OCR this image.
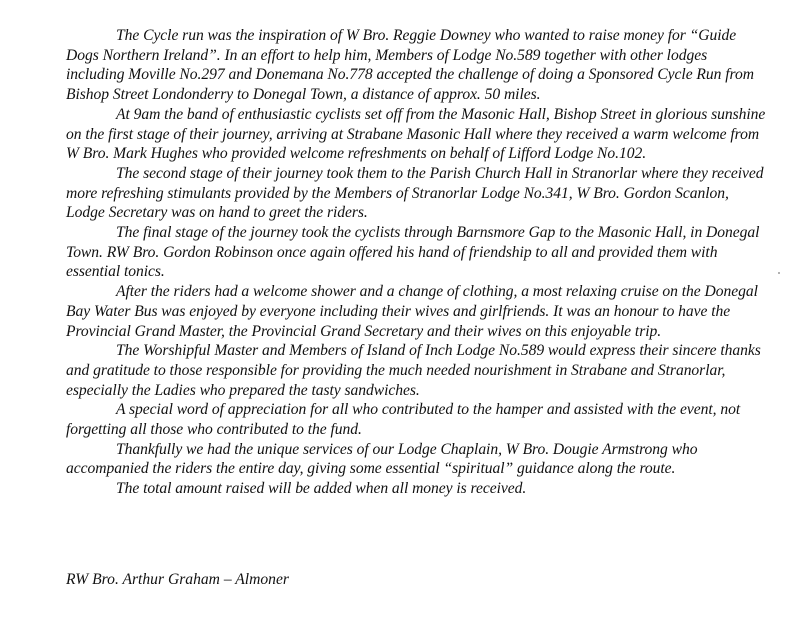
The Cycle run was the inspiration of W Bro. Reggie Downey who wanted to raise money for “Guide Dogs Northern Ireland”. In an effort to help him, Members of Lodge No.589 together with other lodges including Moville No.297 and Donemana No.778 accepted the challenge of doing a Sponsored Cycle Run from Bishop Street Londonderry to Donegal Town, a distance of approx. 50 miles.

At 9am the band of enthusiastic cyclists set off from the Masonic Hall, Bishop Street in glorious sunshine on the first stage of their journey, arriving at Strabane Masonic Hall where they received a warm welcome from W Bro. Mark Hughes who provided welcome refreshments on behalf of Lifford Lodge No.102.

The second stage of their journey took them to the Parish Church Hall in Stranorlar where they received more refreshing stimulants provided by the Members of Stranorlar Lodge No.341, W Bro. Gordon Scanlon, Lodge Secretary was on hand to greet the riders.

The final stage of the journey took the cyclists through Barnsmore Gap to the Masonic Hall, in Donegal Town. RW Bro. Gordon Robinson once again offered his hand of friendship to all and provided them with essential tonics.

After the riders had a welcome shower and a change of clothing, a most relaxing cruise on the Donegal Bay Water Bus was enjoyed by everyone including their wives and girlfriends. It was an honour to have the Provincial Grand Master, the Provincial Grand Secretary and their wives on this enjoyable trip.

The Worshipful Master and Members of Island of Inch Lodge No.589 would express their sincere thanks and gratitude to those responsible for providing the much needed nourishment in Strabane and Stranorlar, especially the Ladies who prepared the tasty sandwiches.

A special word of appreciation for all who contributed to the hamper and assisted with the event, not forgetting all those who contributed to the fund.

Thankfully we had the unique services of our Lodge Chaplain, W Bro. Dougie Armstrong who accompanied the riders the entire day, giving some essential “spiritual” guidance along the route.

The total amount raised will be added when all money is received.

RW Bro. Arthur Graham – Almoner
